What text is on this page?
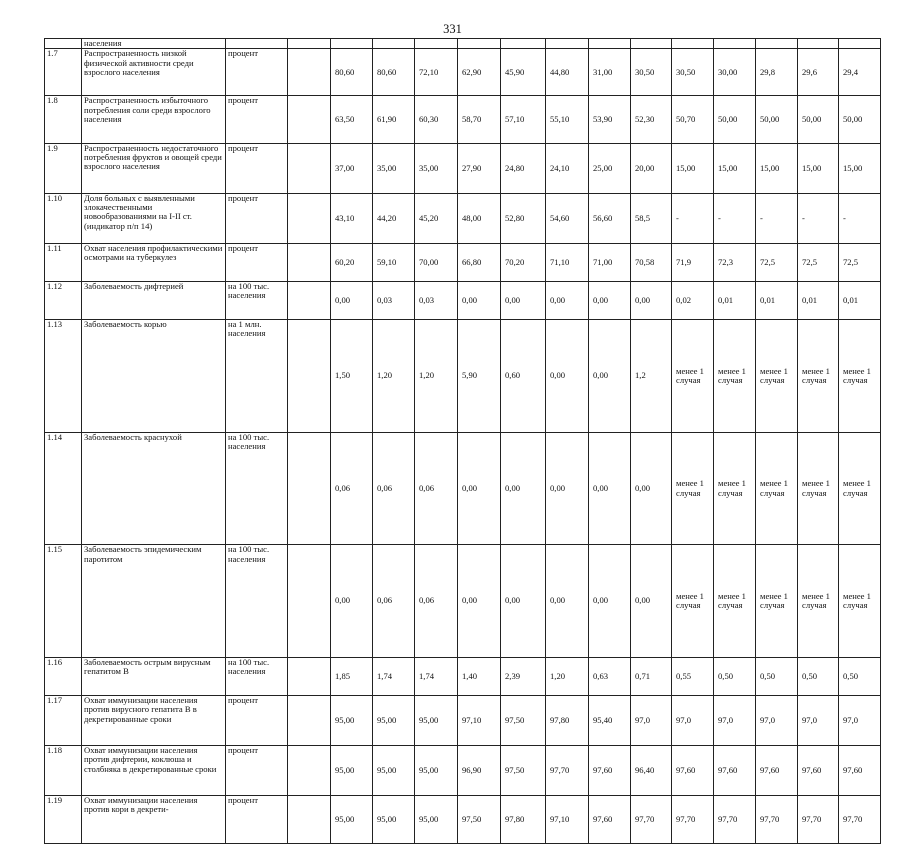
331
	населения																
1.7	Распространенность низкой физической активности среди взрослого населения	процент		80,60	80,60	72,10	62,90	45,90	44,80	31,00	30,50	30,50	30,00	29,8	29,6	29,4	
1.8	Распространенность избыточного потребления соли среди взрослого населения	процент		63,50	61,90	60,30	58,70	57,10	55,10	53,90	52,30	50,70	50,00	50,00	50,00	50,00	
1.9	Распространенность недостаточного потребления фруктов и овощей среди взрослого населения	процент		37,00	35,00	35,00	27,90	24,80	24,10	25,00	20,00	15,00	15,00	15,00	15,00	15,00	
1.10	Доля больных с выявленными злокачественными новообразованиями на I-II ст. (индикатор п/п 14)	процент		43,10	44,20	45,20	48,00	52,80	54,60	56,60	58,5	-	-	-	-	-	
1.11	Охват населения профилактическими осмотрами на туберкулез	процент		60,20	59,10	70,00	66,80	70,20	71,10	71,00	70,58	71,9	72,3	72,5	72,5	72,5	
1.12	Заболеваемость дифтерией	на 100 тыс. населения		0,00	0,03	0,03	0,00	0,00	0,00	0,00	0,00	0,02	0,01	0,01	0,01	0,01	
1.13	Заболеваемость корью	на 1 млн. населения		1,50	1,20	1,20	5,90	0,60	0,00	0,00	1,2	менее 1 случая	менее 1 случая	менее 1 случая	менее 1 случая	менее 1 случая	
1.14	Заболеваемость краснухой	на 100 тыс. населения		0,06	0,06	0,06	0,00	0,00	0,00	0,00	0,00	менее 1 случая	менее 1 случая	менее 1 случая	менее 1 случая	менее 1 случая	
1.15	Заболеваемость эпидемическим паротитом	на 100 тыс. населения		0,00	0,06	0,06	0,00	0,00	0,00	0,00	0,00	менее 1 случая	менее 1 случая	менее 1 случая	менее 1 случая	менее 1 случая	
1.16	Заболеваемость острым вирусным гепатитом В	на 100 тыс. населения		1,85	1,74	1,74	1,40	2,39	1,20	0,63	0,71	0,55	0,50	0,50	0,50	0,50	
1.17	Охват иммунизации населения против вирусного гепатита В в декретированные сроки	процент		95,00	95,00	95,00	97,10	97,50	97,80	95,40	97,0	97,0	97,0	97,0	97,0	97,0	
1.18	Охват иммунизации населения против дифтерии, коклюша и столбняка в декретированные сроки	процент		95,00	95,00	95,00	96,90	97,50	97,70	97,60	96,40	97,60	97,60	97,60	97,60	97,60	
1.19	Охват иммунизации населения против кори в декрети-	процент		95,00	95,00	95,00	97,50	97,80	97,10	97,60	97,70	97,70	97,70	97,70	97,70	97,70	
